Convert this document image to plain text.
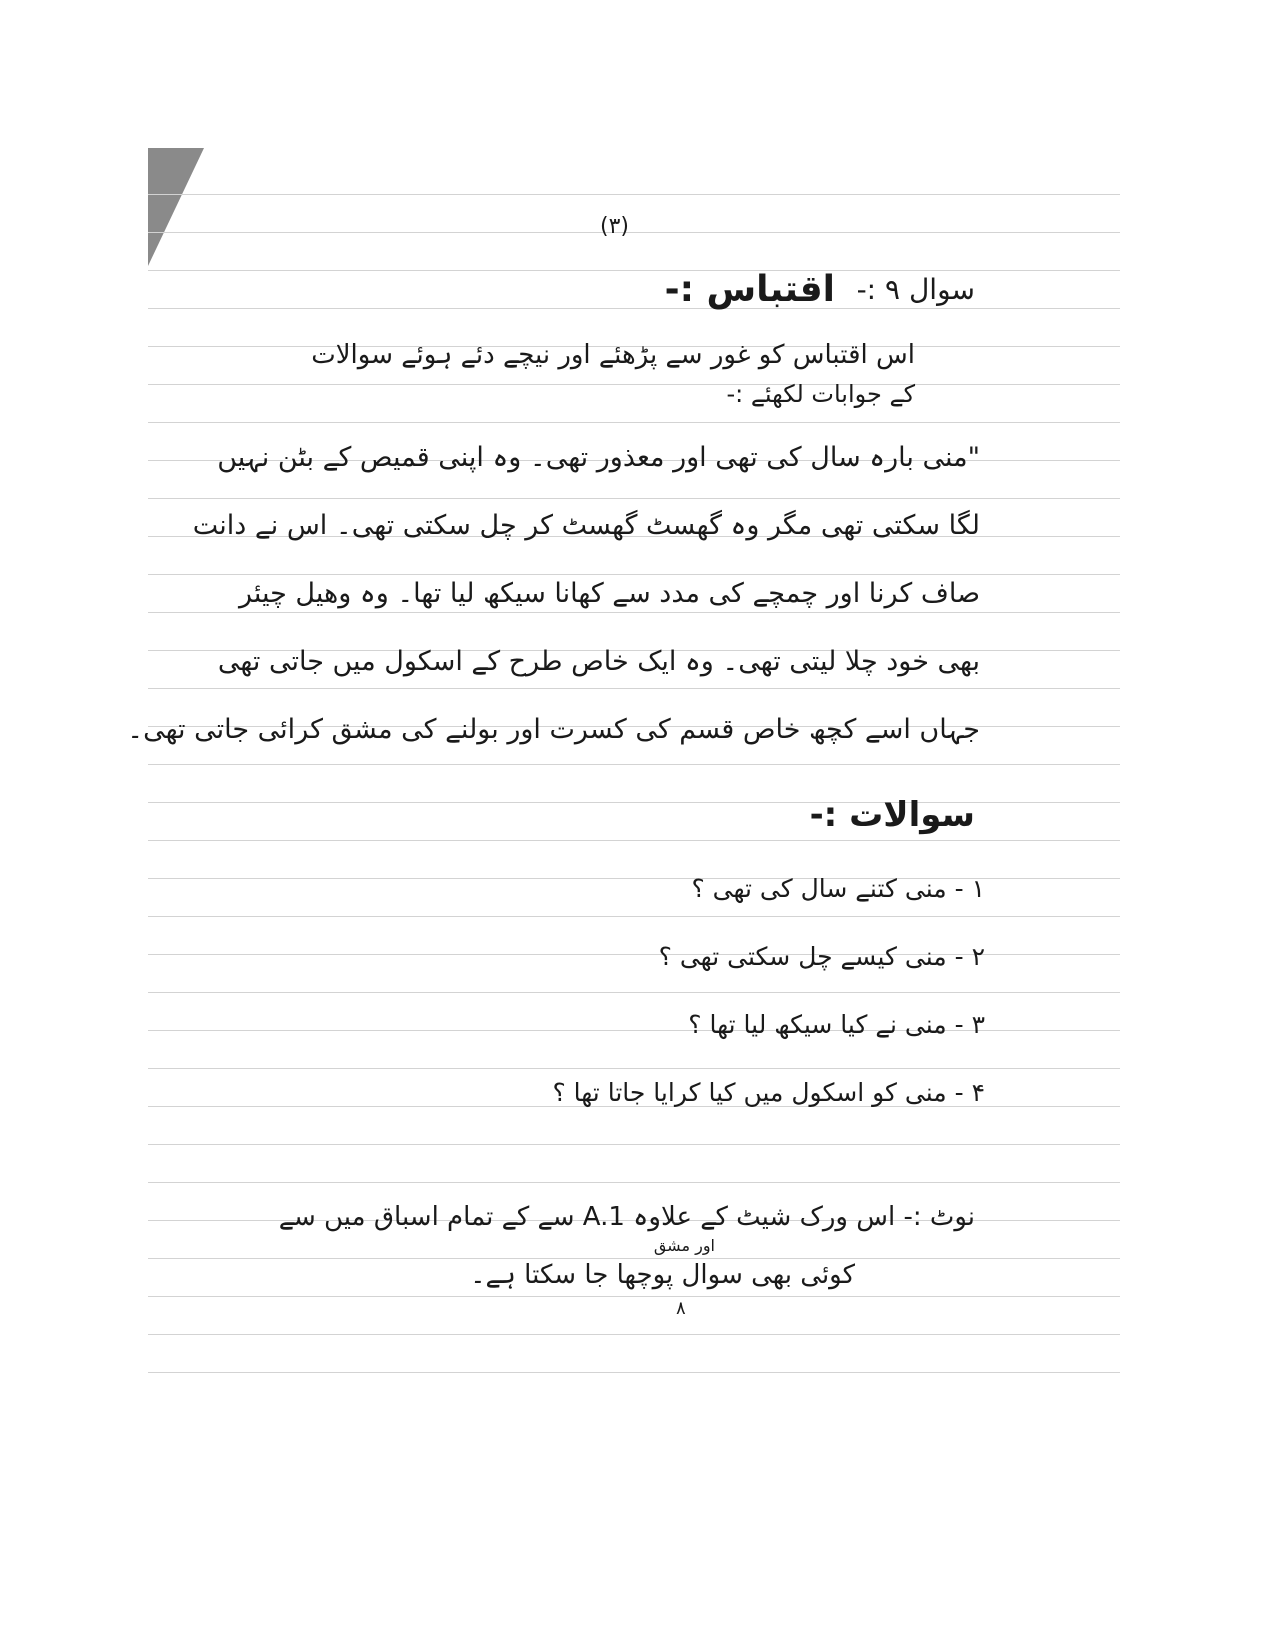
(۳)
سوال ۹ :-
اقتباس :-
اس اقتباس کو غور سے پڑھئے اور نیچے دئے ہوئے سوالات
کے جوابات لکھئے :-
"منی بارہ سال کی تھی اور معذور تھی۔ وہ اپنی قمیص کے بٹن نہیں
لگا سکتی تھی مگر وہ گھسٹ گھسٹ کر چل سکتی تھی۔ اس نے دانت
صاف کرنا اور چمچے کی مدد سے کھانا سیکھ لیا تھا۔ وہ وھیل چیئر
بھی خود چلا لیتی تھی۔ وہ ایک خاص طرح کے اسکول میں جاتی تھی
جہاں اسے کچھ خاص قسم کی کسرت اور بولنے کی مشق کرائی جاتی تھی۔
سوالات :-
۱ - منی کتنے سال کی تھی ؟
۲ - منی کیسے چل سکتی تھی ؟
۳ - منی نے کیا سیکھ لیا تھا ؟
۴ - منی کو اسکول میں کیا کرایا جاتا تھا ؟
نوٹ :- اس ورک شیٹ کے علاوہ A.1 سے کے تمام اسباق میں سے
اور مشق
کوئی بھی سوال پوچھا جا سکتا ہے۔
۸
